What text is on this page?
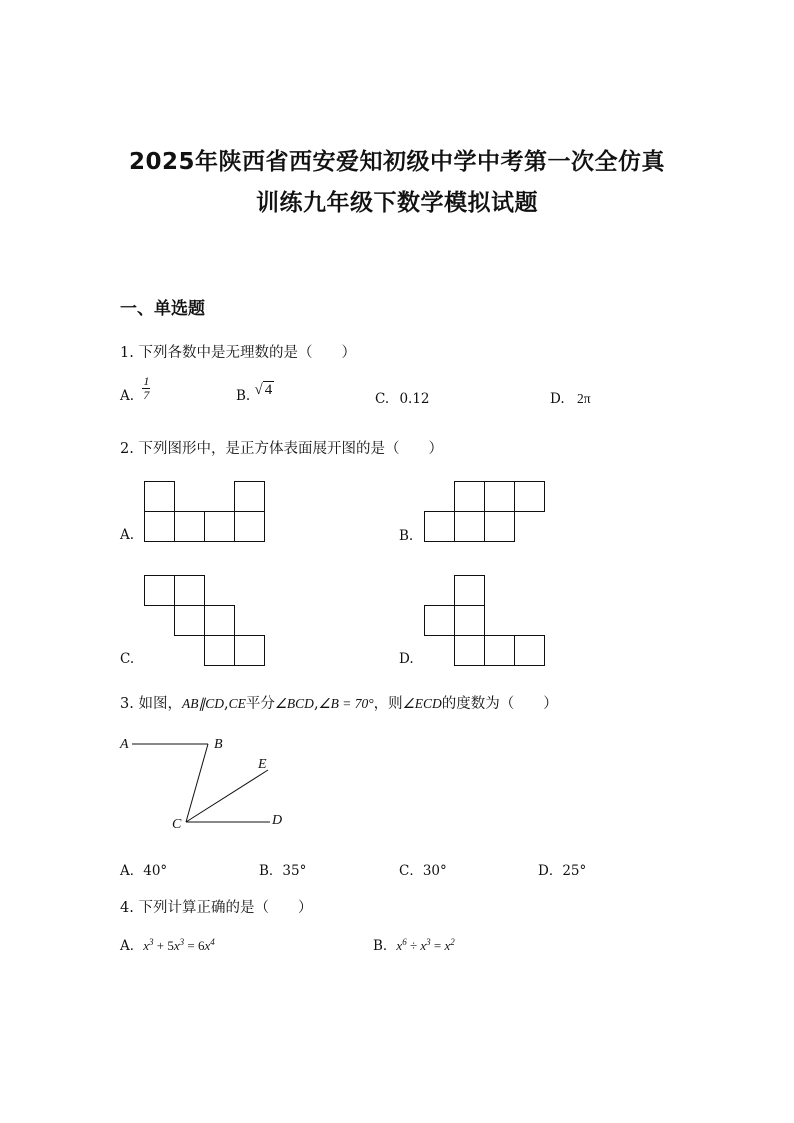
2025年陕西省西安爱知初级中学中考第一次全仿真
训练九年级下数学模拟试题
一、单选题
1. 下列各数中是无理数的是（　　）
A. $\frac{1}{7}$	B. √ 4
C. 0.12	D. 2π
2. 下列图形中，是正方体表面展开图的是（　　）
A.	B.
C.	D.
3. 如图，AB∥CD,CE平分∠BCD,∠B = 70°，则∠ECD的度数为（　　）
A	B
C	D
E
A．40°	B．35°	C．30°	D．25°
4. 下列计算正确的是（　　）
A．$x^3 + 5x^3 = 6x^4$	B．$x^6 \div x^3 = x^2$
